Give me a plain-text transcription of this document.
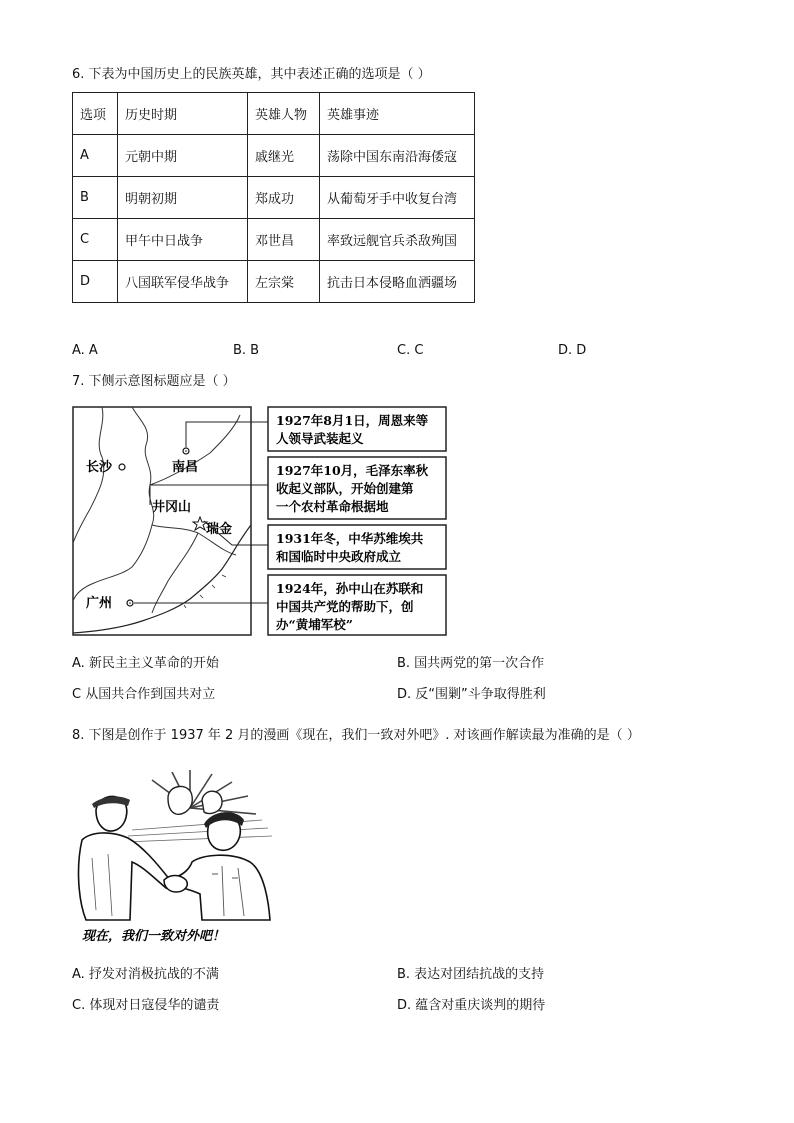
6. 下表为中国历史上的民族英雄，其中表述正确的选项是（ ）
选项	历史时期	英雄人物	英雄事迹
A	元朝中期	戚继光	荡除中国东南沿海倭寇
B	明朝初期	郑成功	从葡萄牙手中收复台湾
C	甲午中日战争	邓世昌	率致远舰官兵杀敌殉国
D	八国联军侵华战争	左宗棠	抗击日本侵略血洒疆场
A. A	B. B	C. C	D. D
7. 下侧示意图标题应是（ ）
长沙	南昌
井冈山
瑞金
广州
1927年8月1日，周恩来等
人领导武装起义
1927年10月，毛泽东率秋
收起义部队，开始创建第
一个农村革命根据地
1931年冬，中华苏维埃共
和国临时中央政府成立
1924年，孙中山在苏联和
中国共产党的帮助下，创
办“黄埔军校”
A. 新民主主义革命的开始	B. 国共两党的第一次合作
C 从国共合作到国共对立	D. 反“围剿”斗争取得胜利
8. 下图是创作于 1937 年 2 月的漫画《现在，我们一致对外吧》. 对该画作解读最为准确的是（ ）
现在，我们一致对外吧！
A. 抒发对消极抗战的不满	B. 表达对团结抗战的支持
C. 体现对日寇侵华的谴责	D. 蕴含对重庆谈判的期待
